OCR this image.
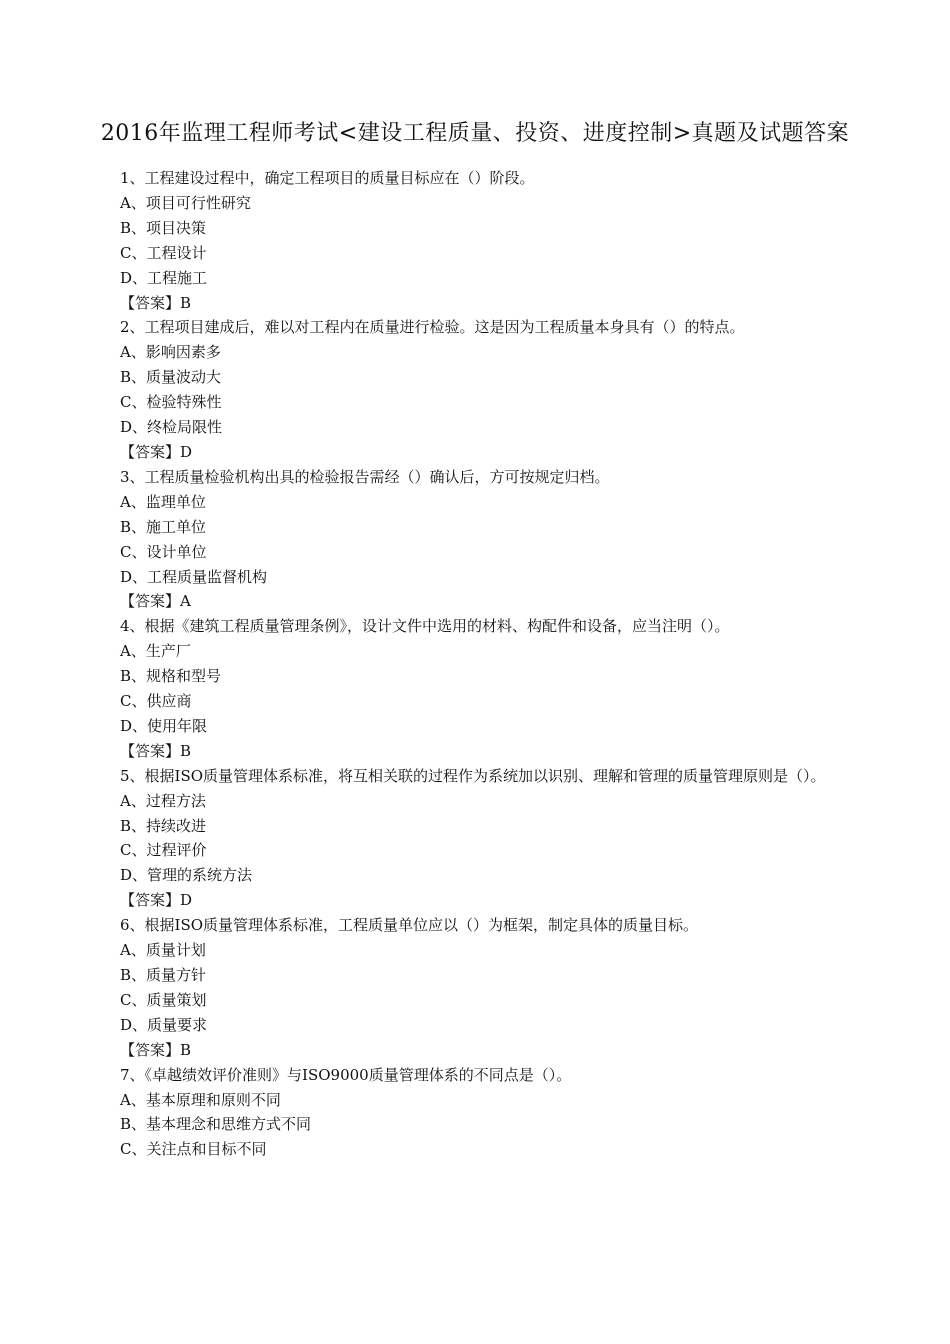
2016年监理工程师考试<建设工程质量、投资、进度控制>真题及试题答案
1、工程建设过程中，确定工程项目的质量目标应在（）阶段。
A、项目可行性研究
B、项目决策
C、工程设计
D、工程施工
【答案】B
2、工程项目建成后，难以对工程内在质量进行检验。这是因为工程质量本身具有（）的特点。
A、影响因素多
B、质量波动大
C、检验特殊性
D、终检局限性
【答案】D
3、工程质量检验机构出具的检验报告需经（）确认后，方可按规定归档。
A、监理单位
B、施工单位
C、设计单位
D、工程质量监督机构
【答案】A
4、根据《建筑工程质量管理条例》，设计文件中选用的材料、构配件和设备，应当注明（）。
A、生产厂
B、规格和型号
C、供应商
D、使用年限
【答案】B
5、根据ISO质量管理体系标准，将互相关联的过程作为系统加以识别、理解和管理的质量管理原则是（）。
A、过程方法
B、持续改进
C、过程评价
D、管理的系统方法
【答案】D
6、根据ISO质量管理体系标准，工程质量单位应以（）为框架，制定具体的质量目标。
A、质量计划
B、质量方针
C、质量策划
D、质量要求
【答案】B
7、《卓越绩效评价准则》与ISO9000质量管理体系的不同点是（）。
A、基本原理和原则不同
B、基本理念和思维方式不同
C、关注点和目标不同
